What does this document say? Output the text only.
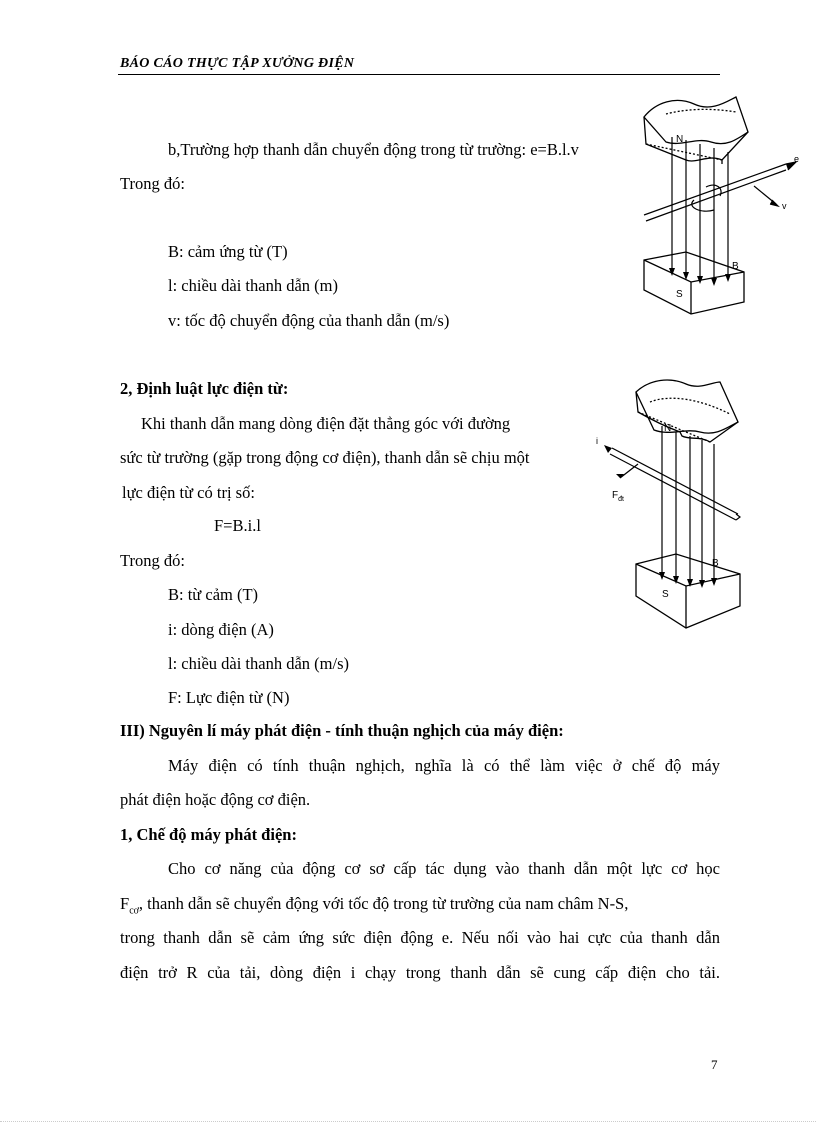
BÁO CÁO THỰC TẬP XƯỞNG ĐIỆN
b,Trường hợp thanh dẫn chuyển động trong từ trường: e=B.l.v
Trong đó:
B: cảm ứng từ (T)
l: chiều dài thanh dẫn (m)
v: tốc độ chuyển động của thanh dẫn (m/s)
N
S
B
e
v
2, Định luật lực điện từ:
Khi thanh dẫn mang dòng điện đặt thẳng góc với đường
sức từ trường (gặp trong động cơ điện), thanh dẫn sẽ chịu một
lực điện từ có trị số:
F=B.i.l
Trong đó:
B: từ cảm (T)
i: dòng điện (A)
l: chiều dài thanh dẫn (m/s)
F: Lực điện từ (N)
i
$F_{đt}$
N
S
B
III) Nguyên lí máy phát điện - tính thuận nghịch của máy điện:
Máy điện có tính thuận nghịch, nghĩa là có thể làm việc ở chế độ máy
phát điện hoặc động cơ điện.
1, Chế độ máy phát điện:
Cho cơ năng của động cơ sơ cấp tác dụng vào thanh dẫn một lực cơ học
$F_{cơ}$, thanh dẫn sẽ chuyển động với tốc độ trong từ trường của nam châm N-S,
trong thanh dẫn sẽ cảm ứng sức điện động e. Nếu nối vào hai cực của thanh dẫn
điện trở R của tải, dòng điện i chạy trong thanh dẫn sẽ cung cấp điện cho tải.
7
